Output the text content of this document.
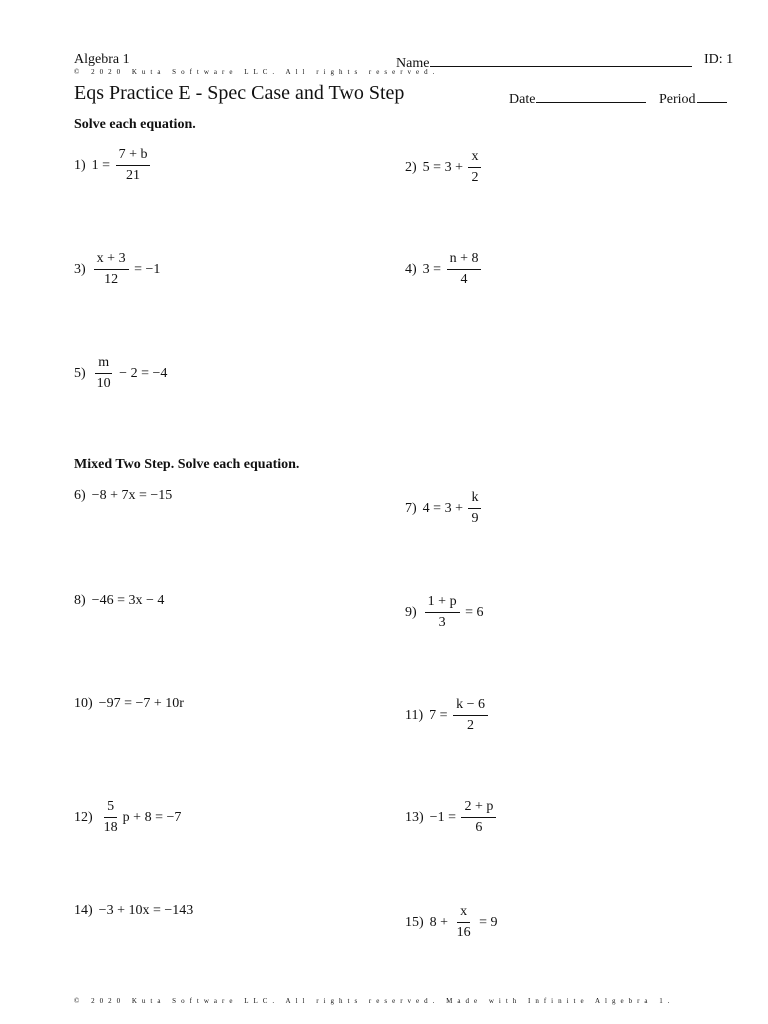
Algebra 1
© 2020 Kuta Software LLC. All rights reserved.
Name	ID: 1
Eqs Practice E - Spec Case and Two Step	Date	Period
Solve each equation.
1) $1 = \frac{7 + b}{21}$	2) $5 = 3 + \frac{x}{2}$
$3) \frac{x + 3}{12} = -1$	4) $3 = \frac{n + 8}{4}$
$5) \frac{m}{10} - 2 = -4$
Mixed Two Step. Solve each equation.
6) −8 + 7x = −15
7) $4 = 3 + \frac{k}{9}$
8) −46 = 3x − 4
$9) \frac{1 + p}{3} = 6$
10) −97 = −7 + 10r
11) $7 = \frac{k - 6}{2}$
$12) \frac{5}{18}$ p + 8 = −7	$13) -1 = \frac{2 + p}{6}$
14) −3 + 10x = −143
15) $8 + \frac{x}{16} = 9$
© 2020 Kuta Software LLC. All rights reserved. Made with Infinite Algebra 1.
